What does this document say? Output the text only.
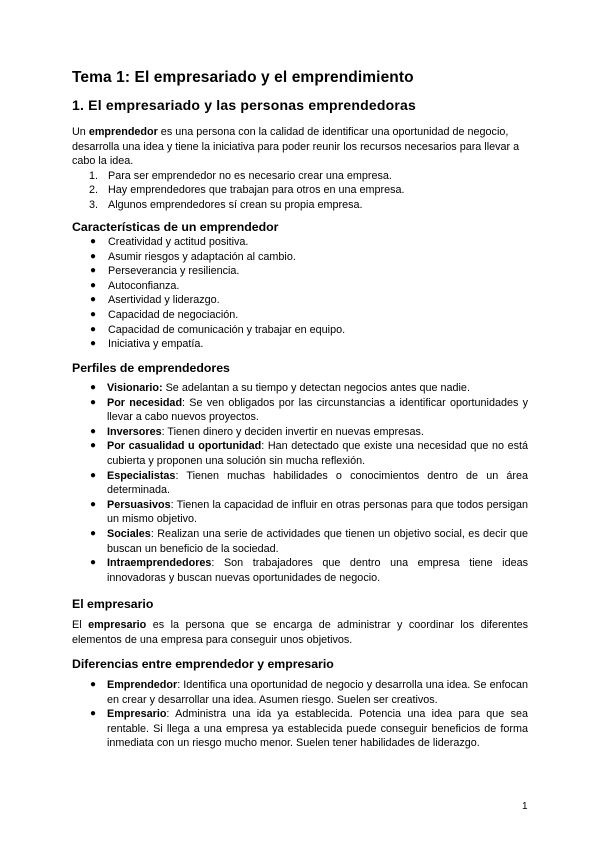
Tema 1: El empresariado y el emprendimiento
1. El empresariado y las personas emprendedoras

Un emprendedor es una persona con la calidad de identificar una oportunidad de negocio, desarrolla una idea y tiene la iniciativa para poder reunir los recursos necesarios para llevar a cabo la idea.

1. Para ser emprendedor no es necesario crear una empresa.
2. Hay emprendedores que trabajan para otros en una empresa.
3. Algunos emprendedores sí crean su propia empresa.
Características de un emprendedor
● Creatividad y actitud positiva.
● Asumir riesgos y adaptación al cambio.
● Perseverancia y resiliencia.
● Autoconfianza.
● Asertividad y liderazgo.
● Capacidad de negociación.
● Capacidad de comunicación y trabajar en equipo.
● Iniciativa y empatía.
Perfiles de emprendedores
● Visionario: Se adelantan a su tiempo y detectan negocios antes que nadie.
● Por necesidad: Se ven obligados por las circunstancias a identificar oportunidades y llevar a cabo nuevos proyectos.
● Inversores: Tienen dinero y deciden invertir en nuevas empresas.
● Por casualidad u oportunidad: Han detectado que existe una necesidad que no está cubierta y proponen una solución sin mucha reflexión.
● Especialistas: Tienen muchas habilidades o conocimientos dentro de un área determinada.
● Persuasivos: Tienen la capacidad de influir en otras personas para que todos persigan un mismo objetivo.
● Sociales: Realizan una serie de actividades que tienen un objetivo social, es decir que buscan un beneficio de la sociedad.
● Intraemprendedores: Son trabajadores que dentro una empresa tiene ideas innovadoras y buscan nuevas oportunidades de negocio.
El empresario

El empresario es la persona que se encarga de administrar y coordinar los diferentes elementos de una empresa para conseguir unos objetivos.

Diferencias entre emprendedor y empresario
● Emprendedor: Identifica una oportunidad de negocio y desarrolla una idea. Se enfocan en crear y desarrollar una idea. Asumen riesgo. Suelen ser creativos.
● Empresario: Administra una ida ya establecida. Potencia una idea para que sea rentable. Si llega a una empresa ya establecida puede conseguir beneficios de forma inmediata con un riesgo mucho menor. Suelen tener habilidades de liderazgo.
1
